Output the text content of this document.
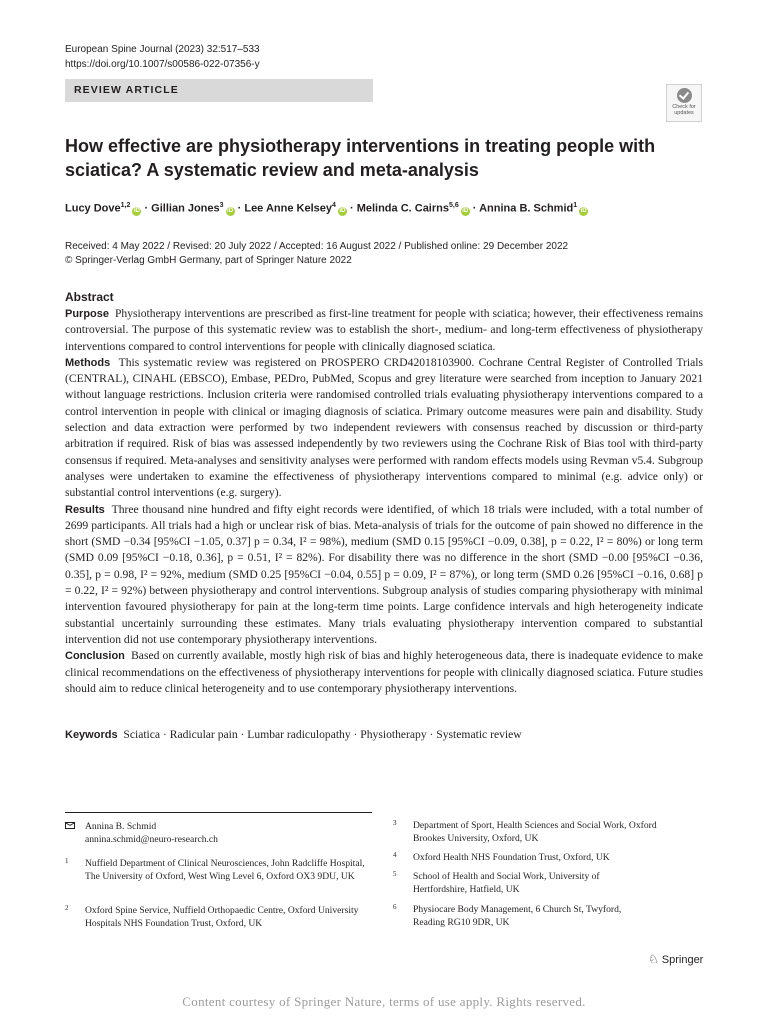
European Spine Journal (2023) 32:517–533
https://doi.org/10.1007/s00586-022-07356-y
REVIEW ARTICLE
Check for
updates
How effective are physiotherapy interventions in treating people with sciatica? A systematic review and meta-analysis
Lucy Dove$^{1,2}$iD · Gillian Jones$^3$iD · Lee Anne Kelsey$^4$iD · Melinda C. Cairns$^{5,6}$iD · Annina B. Schmid$^1$iD
Received: 4 May 2022 / Revised: 20 July 2022 / Accepted: 16 August 2022 / Published online: 29 December 2022
© Springer-Verlag GmbH Germany, part of Springer Nature 2022
Abstract

Purpose Physiotherapy interventions are prescribed as first-line treatment for people with sciatica; however, their effectiveness remains controversial. The purpose of this systematic review was to establish the short-, medium- and long-term effectiveness of physiotherapy interventions compared to control interventions for people with clinically diagnosed sciatica.

Methods This systematic review was registered on PROSPERO CRD42018103900. Cochrane Central Register of Controlled Trials (CENTRAL), CINAHL (EBSCO), Embase, PEDro, PubMed, Scopus and grey literature were searched from inception to January 2021 without language restrictions. Inclusion criteria were randomised controlled trials evaluating physiotherapy interventions compared to a control intervention in people with clinical or imaging diagnosis of sciatica. Primary outcome measures were pain and disability. Study selection and data extraction were performed by two independent reviewers with consensus reached by discussion or third-party arbitration if required. Risk of bias was assessed independently by two reviewers using the Cochrane Risk of Bias tool with third-party consensus if required. Meta-analyses and sensitivity analyses were performed with random effects models using Revman v5.4. Subgroup analyses were undertaken to examine the effectiveness of physiotherapy interventions compared to minimal (e.g. advice only) or substantial control interventions (e.g. surgery).

Results Three thousand nine hundred and fifty eight records were identified, of which 18 trials were included, with a total number of 2699 participants. All trials had a high or unclear risk of bias. Meta-analysis of trials for the outcome of pain showed no difference in the short (SMD −0.34 [95%CI −1.05, 0.37] p = 0.34, I² = 98%), medium (SMD 0.15 [95%CI −0.09, 0.38], p = 0.22, I² = 80%) or long term (SMD 0.09 [95%CI −0.18, 0.36], p = 0.51, I² = 82%). For disability there was no difference in the short (SMD −0.00 [95%CI −0.36, 0.35], p = 0.98, I² = 92%, medium (SMD 0.25 [95%CI −0.04, 0.55] p = 0.09, I² = 87%), or long term (SMD 0.26 [95%CI −0.16, 0.68] p = 0.22, I² = 92%) between physiotherapy and control interventions. Subgroup analysis of studies comparing physiotherapy with minimal intervention favoured physiotherapy for pain at the long-term time points. Large confidence intervals and high heterogeneity indicate substantial uncertainly surrounding these estimates. Many trials evaluating physiotherapy intervention compared to substantial intervention did not use contemporary physiotherapy interventions.

Conclusion Based on currently available, mostly high risk of bias and highly heterogeneous data, there is inadequate evidence to make clinical recommendations on the effectiveness of physiotherapy interventions for people with clinically diagnosed sciatica. Future studies should aim to reduce clinical heterogeneity and to use contemporary physiotherapy interventions.

Keywords Sciatica · Radicular pain · Lumbar radiculopathy · Physiotherapy · Systematic review
Annina B. Schmid
annina.schmid@neuro-research.ch
1 Nuffield Department of Clinical Neurosciences, John Radcliffe Hospital, The University of Oxford, West Wing Level 6, Oxford OX3 9DU, UK
2 Oxford Spine Service, Nuffield Orthopaedic Centre, Oxford University Hospitals NHS Foundation Trust, Oxford, UK
3 Department of Sport, Health Sciences and Social Work, Oxford Brookes University, Oxford, UK
4 Oxford Health NHS Foundation Trust, Oxford, UK
5 School of Health and Social Work, University of Hertfordshire, Hatfield, UK
6 Physiocare Body Management, 6 Church St, Twyford, Reading RG10 9DR, UK
♘ Springer
Content courtesy of Springer Nature, terms of use apply. Rights reserved.
